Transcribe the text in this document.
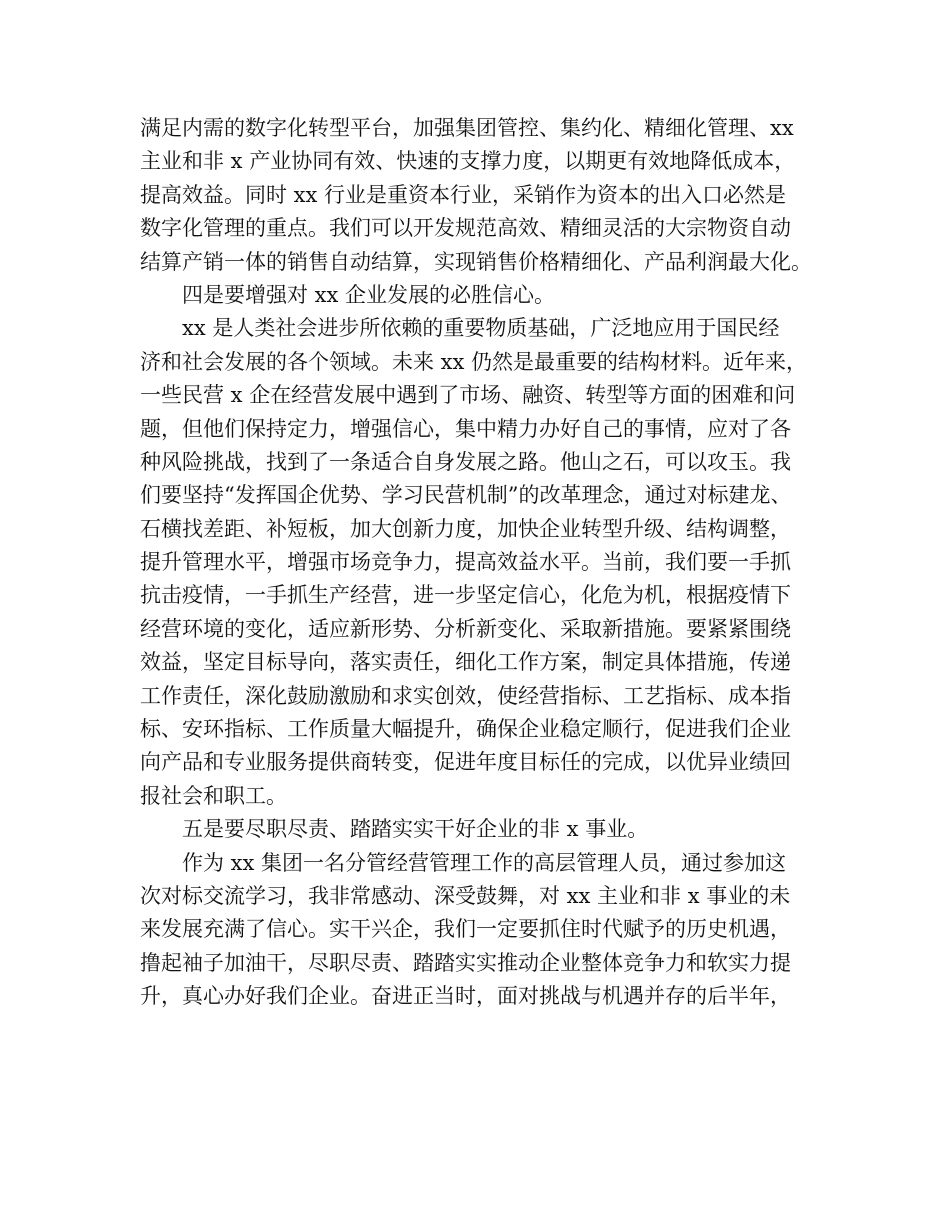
满足内需的数字化转型平台，加强集团管控、集约化、精细化管理、xx
主业和非 x 产业协同有效、快速的支撑力度，以期更有效地降低成本，
提高效益。同时 xx 行业是重资本行业，采销作为资本的出入口必然是
数字化管理的重点。我们可以开发规范高效、精细灵活的大宗物资自动
结算产销一体的销售自动结算，实现销售价格精细化、产品利润最大化。
四是要增强对 xx 企业发展的必胜信心。
xx 是人类社会进步所依赖的重要物质基础，广泛地应用于国民经
济和社会发展的各个领域。未来 xx 仍然是最重要的结构材料。近年来，
一些民营 x 企在经营发展中遇到了市场、融资、转型等方面的困难和问
题，但他们保持定力，增强信心，集中精力办好自己的事情，应对了各
种风险挑战，找到了一条适合自身发展之路。他山之石，可以攻玉。我
们要坚持“发挥国企优势、学习民营机制”的改革理念，通过对标建龙、
石横找差距、补短板，加大创新力度，加快企业转型升级、结构调整，
提升管理水平，增强市场竞争力，提高效益水平。当前，我们要一手抓
抗击疫情，一手抓生产经营，进一步坚定信心，化危为机，根据疫情下
经营环境的变化，适应新形势、分析新变化、采取新措施。要紧紧围绕
效益，坚定目标导向，落实责任，细化工作方案，制定具体措施，传递
工作责任，深化鼓励激励和求实创效，使经营指标、工艺指标、成本指
标、安环指标、工作质量大幅提升，确保企业稳定顺行，促进我们企业
向产品和专业服务提供商转变，促进年度目标任的完成，以优异业绩回
报社会和职工。
五是要尽职尽责、踏踏实实干好企业的非 x 事业。
作为 xx 集团一名分管经营管理工作的高层管理人员，通过参加这
次对标交流学习，我非常感动、深受鼓舞，对 xx 主业和非 x 事业的未
来发展充满了信心。实干兴企，我们一定要抓住时代赋予的历史机遇，
撸起袖子加油干，尽职尽责、踏踏实实推动企业整体竞争力和软实力提
升，真心办好我们企业。奋进正当时，面对挑战与机遇并存的后半年，
